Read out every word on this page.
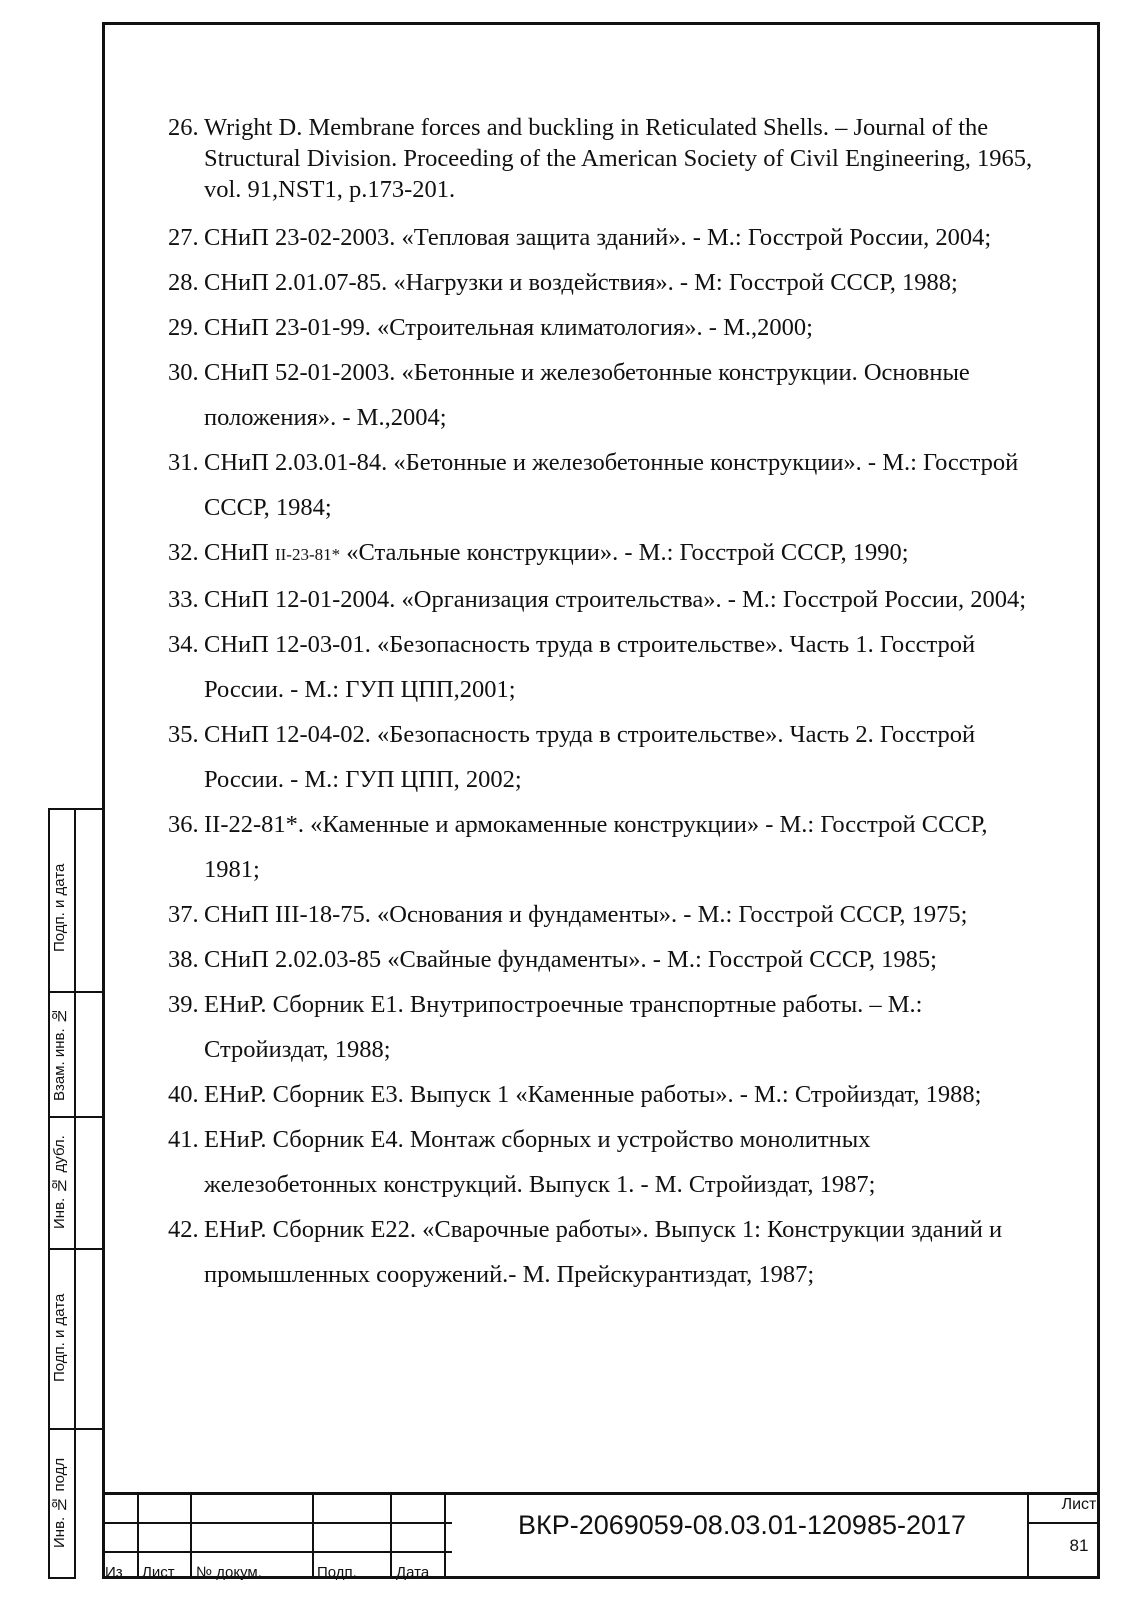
26. Wright D. Membrane forces and buckling in Reticulated Shells. – Journal of the Structural Division. Proceeding of the American Society of Civil Engineering, 1965, vol. 91,NST1, p.173-201.
27. СНиП 23-02-2003. «Тепловая защита зданий». - М.: Госстрой России, 2004;
28. СНиП 2.01.07-85. «Нагрузки и воздействия». - М: Госстрой СССР, 1988;
29. СНиП 23-01-99. «Строительная климатология». - М.,2000;
30. СНиП 52-01-2003. «Бетонные и железобетонные конструкции. Основные положения». - М.,2004;
31. СНиП 2.03.01-84. «Бетонные и железобетонные конструкции». - М.: Госстрой СССР, 1984;
32. СНиП II-23-81* «Стальные конструкции». - М.: Госстрой СССР, 1990;
33. СНиП 12-01-2004. «Организация строительства». - М.: Госстрой России, 2004;
34. СНиП 12-03-01. «Безопасность труда в строительстве». Часть 1. Госстрой России. - М.: ГУП ЦПП,2001;
35. СНиП 12-04-02. «Безопасность труда в строительстве». Часть 2. Госстрой России. - М.: ГУП ЦПП, 2002;
36. II-22-81*. «Каменные и армокаменные конструкции» - М.: Госстрой СССР, 1981;
37. СНиП III-18-75. «Основания и фундаменты». - М.: Госстрой СССР, 1975;
38. СНиП 2.02.03-85 «Свайные фундаменты». - М.: Госстрой СССР, 1985;
39. ЕНиР. Сборник Е1. Внутрипостроечные транспортные работы. – М.: Стройиздат, 1988;
40. ЕНиР. Сборник Е3. Выпуск 1 «Каменные работы». - М.: Стройиздат, 1988;
41. ЕНиР. Сборник Е4. Монтаж сборных и устройство монолитных железобетонных конструкций. Выпуск 1. - М. Стройиздат, 1987;
42. ЕНиР. Сборник Е22. «Сварочные работы». Выпуск 1: Конструкции зданий и промышленных сооружений.- М. Прейскурантиздат, 1987;
Подп. и дата
Взам. инв. №
Инв. № дубл.
Подп. и дата
Инв. № подл
Из Лист № докум.	Подп.	Дата
ВКР-2069059-08.03.01-120985-2017
Лист
81
